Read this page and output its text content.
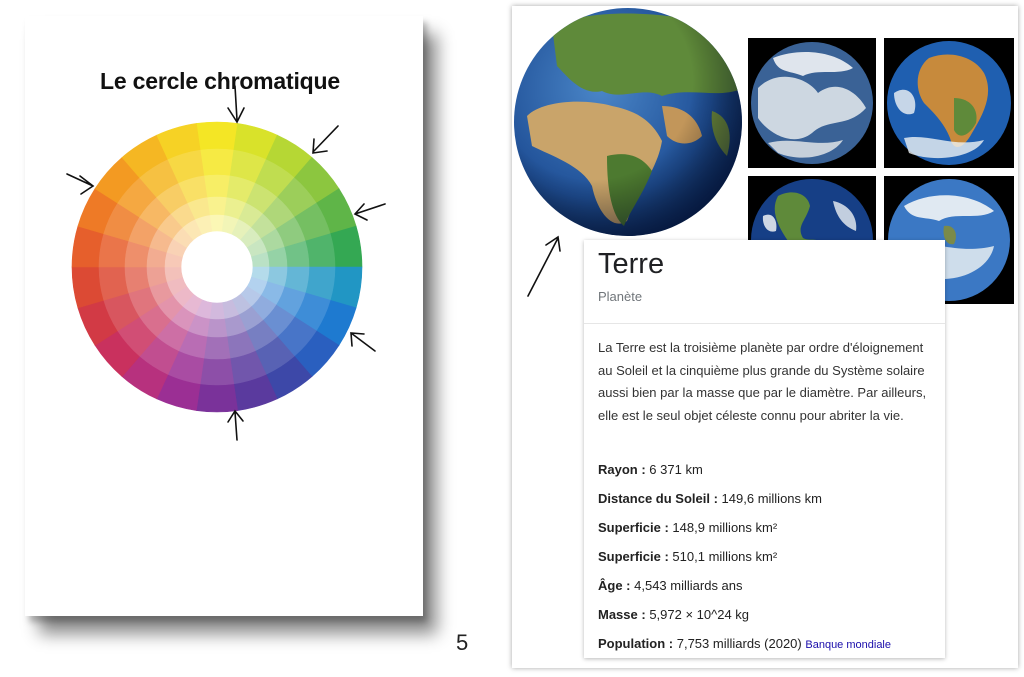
Le cercle chromatique
5
Terre
Planète
La Terre est la troisième planète par ordre d'éloignement au Soleil et la cinquième plus grande du Système solaire aussi bien par la masse que par le diamètre. Par ailleurs, elle est le seul objet céleste connu pour abriter la vie.
Rayon : 6 371 km
Distance du Soleil : 149,6 millions km
Superficie : 148,9 millions km²
Superficie : 510,1 millions km²
Âge : 4,543 milliards ans
Masse : 5,972 × 10^24 kg
Population : 7,753 milliards (2020) Banque mondiale
